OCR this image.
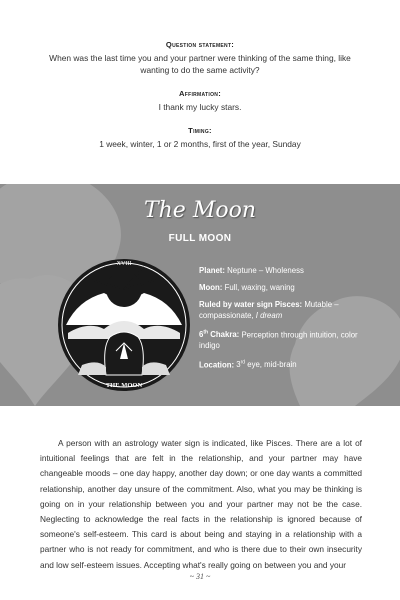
Question statement:
When was the last time you and your partner were thinking of the same thing, like wanting to do the same activity?
Affirmation:
I thank my lucky stars.
Timing:
1 week, winter, 1 or 2 months, first of the year, Sunday
The Moon
FULL MOON
XVIII
THE MOON
Planet: Neptune – Wholeness
Moon: Full, waxing, waning
Ruled by water sign Pisces: Mutable – compassionate, I dream
6th Chakra: Perception through intuition, color indigo
Location: 3rd eye, mid-brain
A person with an astrology water sign is indicated, like Pisces. There are a lot of intuitional feelings that are felt in the relationship, and your partner may have changeable moods – one day happy, another day down; or one day wants a committed relationship, another day unsure of the commitment. Also, what you may be thinking is going on in your relationship between you and your partner may not be the case. Neglecting to acknowledge the real facts in the relationship is ignored because of someone's self-esteem. This card is about being and staying in a relationship with a partner who is not ready for commitment, and who is there due to their own insecurity and low self-esteem issues. Accepting what's really going on between you and your
~ 31 ~
